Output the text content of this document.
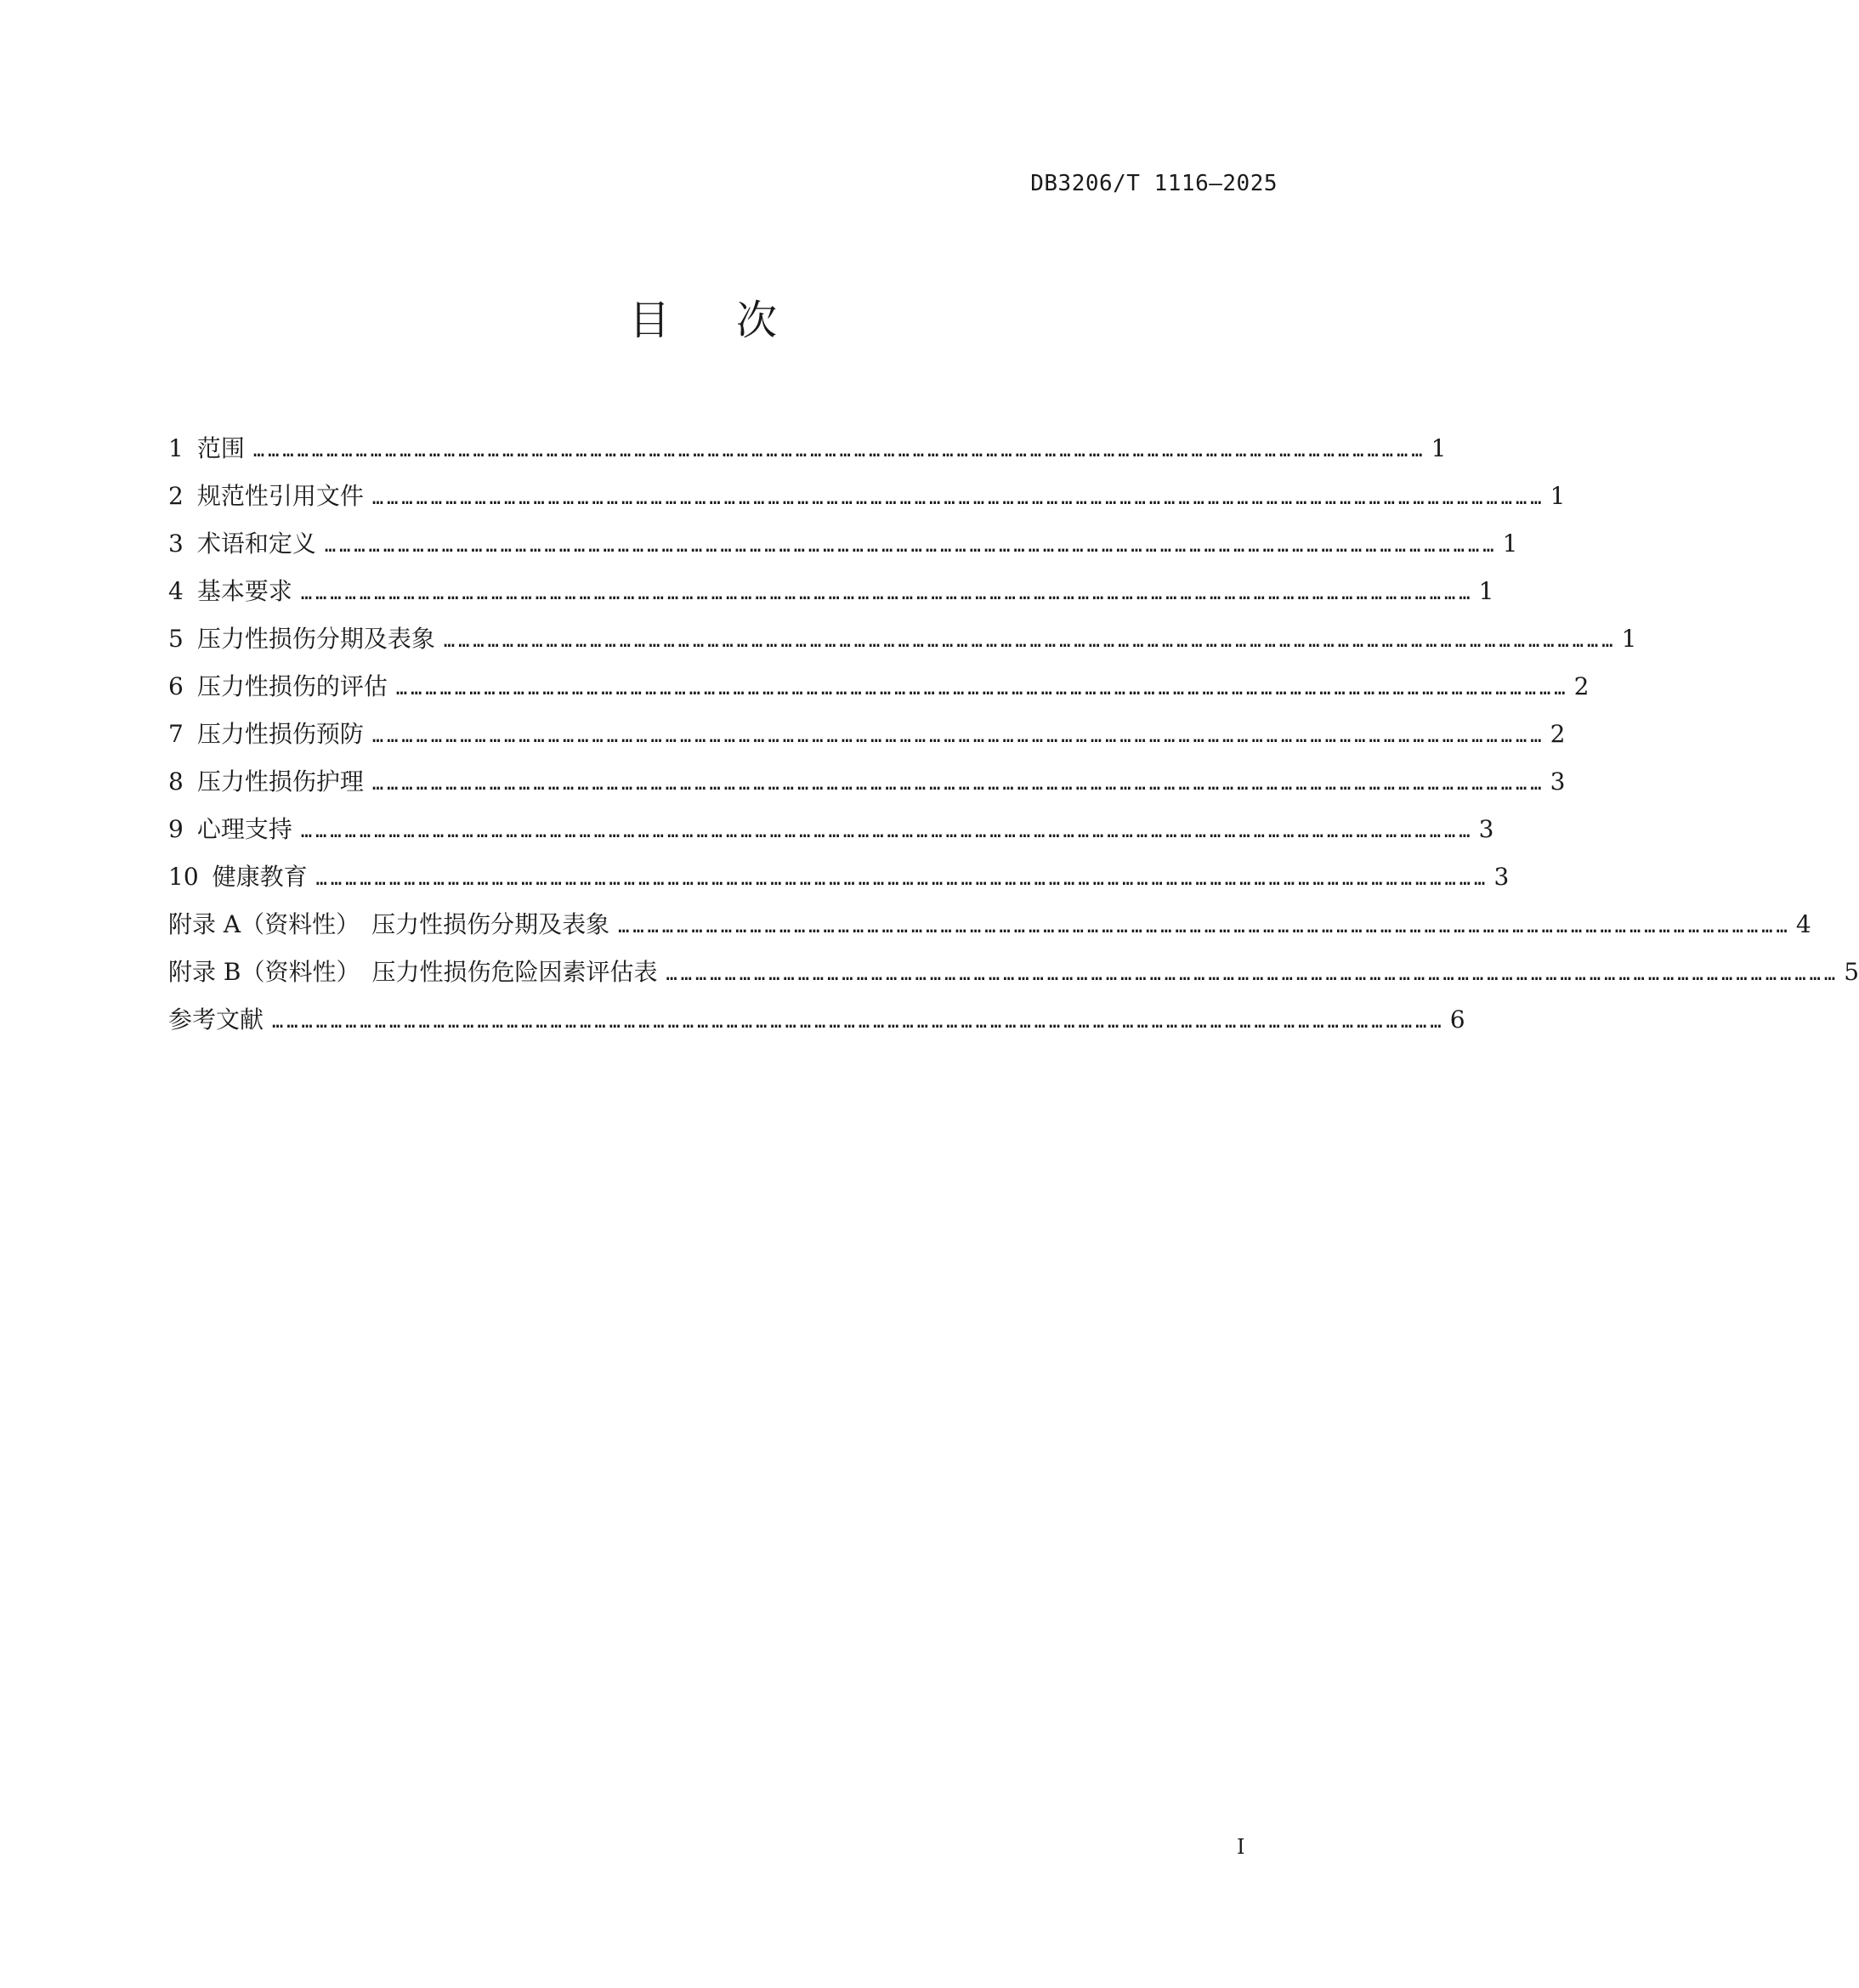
DB3206/T 1116—2025
目次
1 范围 …………………………………………………………………………………………………………………………………………………………………………………………………………………… 1
2 规范性引用文件 …………………………………………………………………………………………………………………………………………………………………………………………………………………… 1
3 术语和定义 …………………………………………………………………………………………………………………………………………………………………………………………………………………… 1
4 基本要求 …………………………………………………………………………………………………………………………………………………………………………………………………………………… 1
5 压力性损伤分期及表象 …………………………………………………………………………………………………………………………………………………………………………………………………………………… 1
6 压力性损伤的评估 …………………………………………………………………………………………………………………………………………………………………………………………………………………… 2
7 压力性损伤预防 …………………………………………………………………………………………………………………………………………………………………………………………………………………… 2
8 压力性损伤护理 …………………………………………………………………………………………………………………………………………………………………………………………………………………… 3
9 心理支持 …………………………………………………………………………………………………………………………………………………………………………………………………………………… 3
10 健康教育 …………………………………………………………………………………………………………………………………………………………………………………………………………………… 3
附录 A（资料性）　压力性损伤分期及表象 …………………………………………………………………………………………………………………………………………………………………………………………………………………… 4
附录 B（资料性）　压力性损伤危险因素评估表 …………………………………………………………………………………………………………………………………………………………………………………………………………………… 5
参考文献 …………………………………………………………………………………………………………………………………………………………………………………………………………………… 6
I
